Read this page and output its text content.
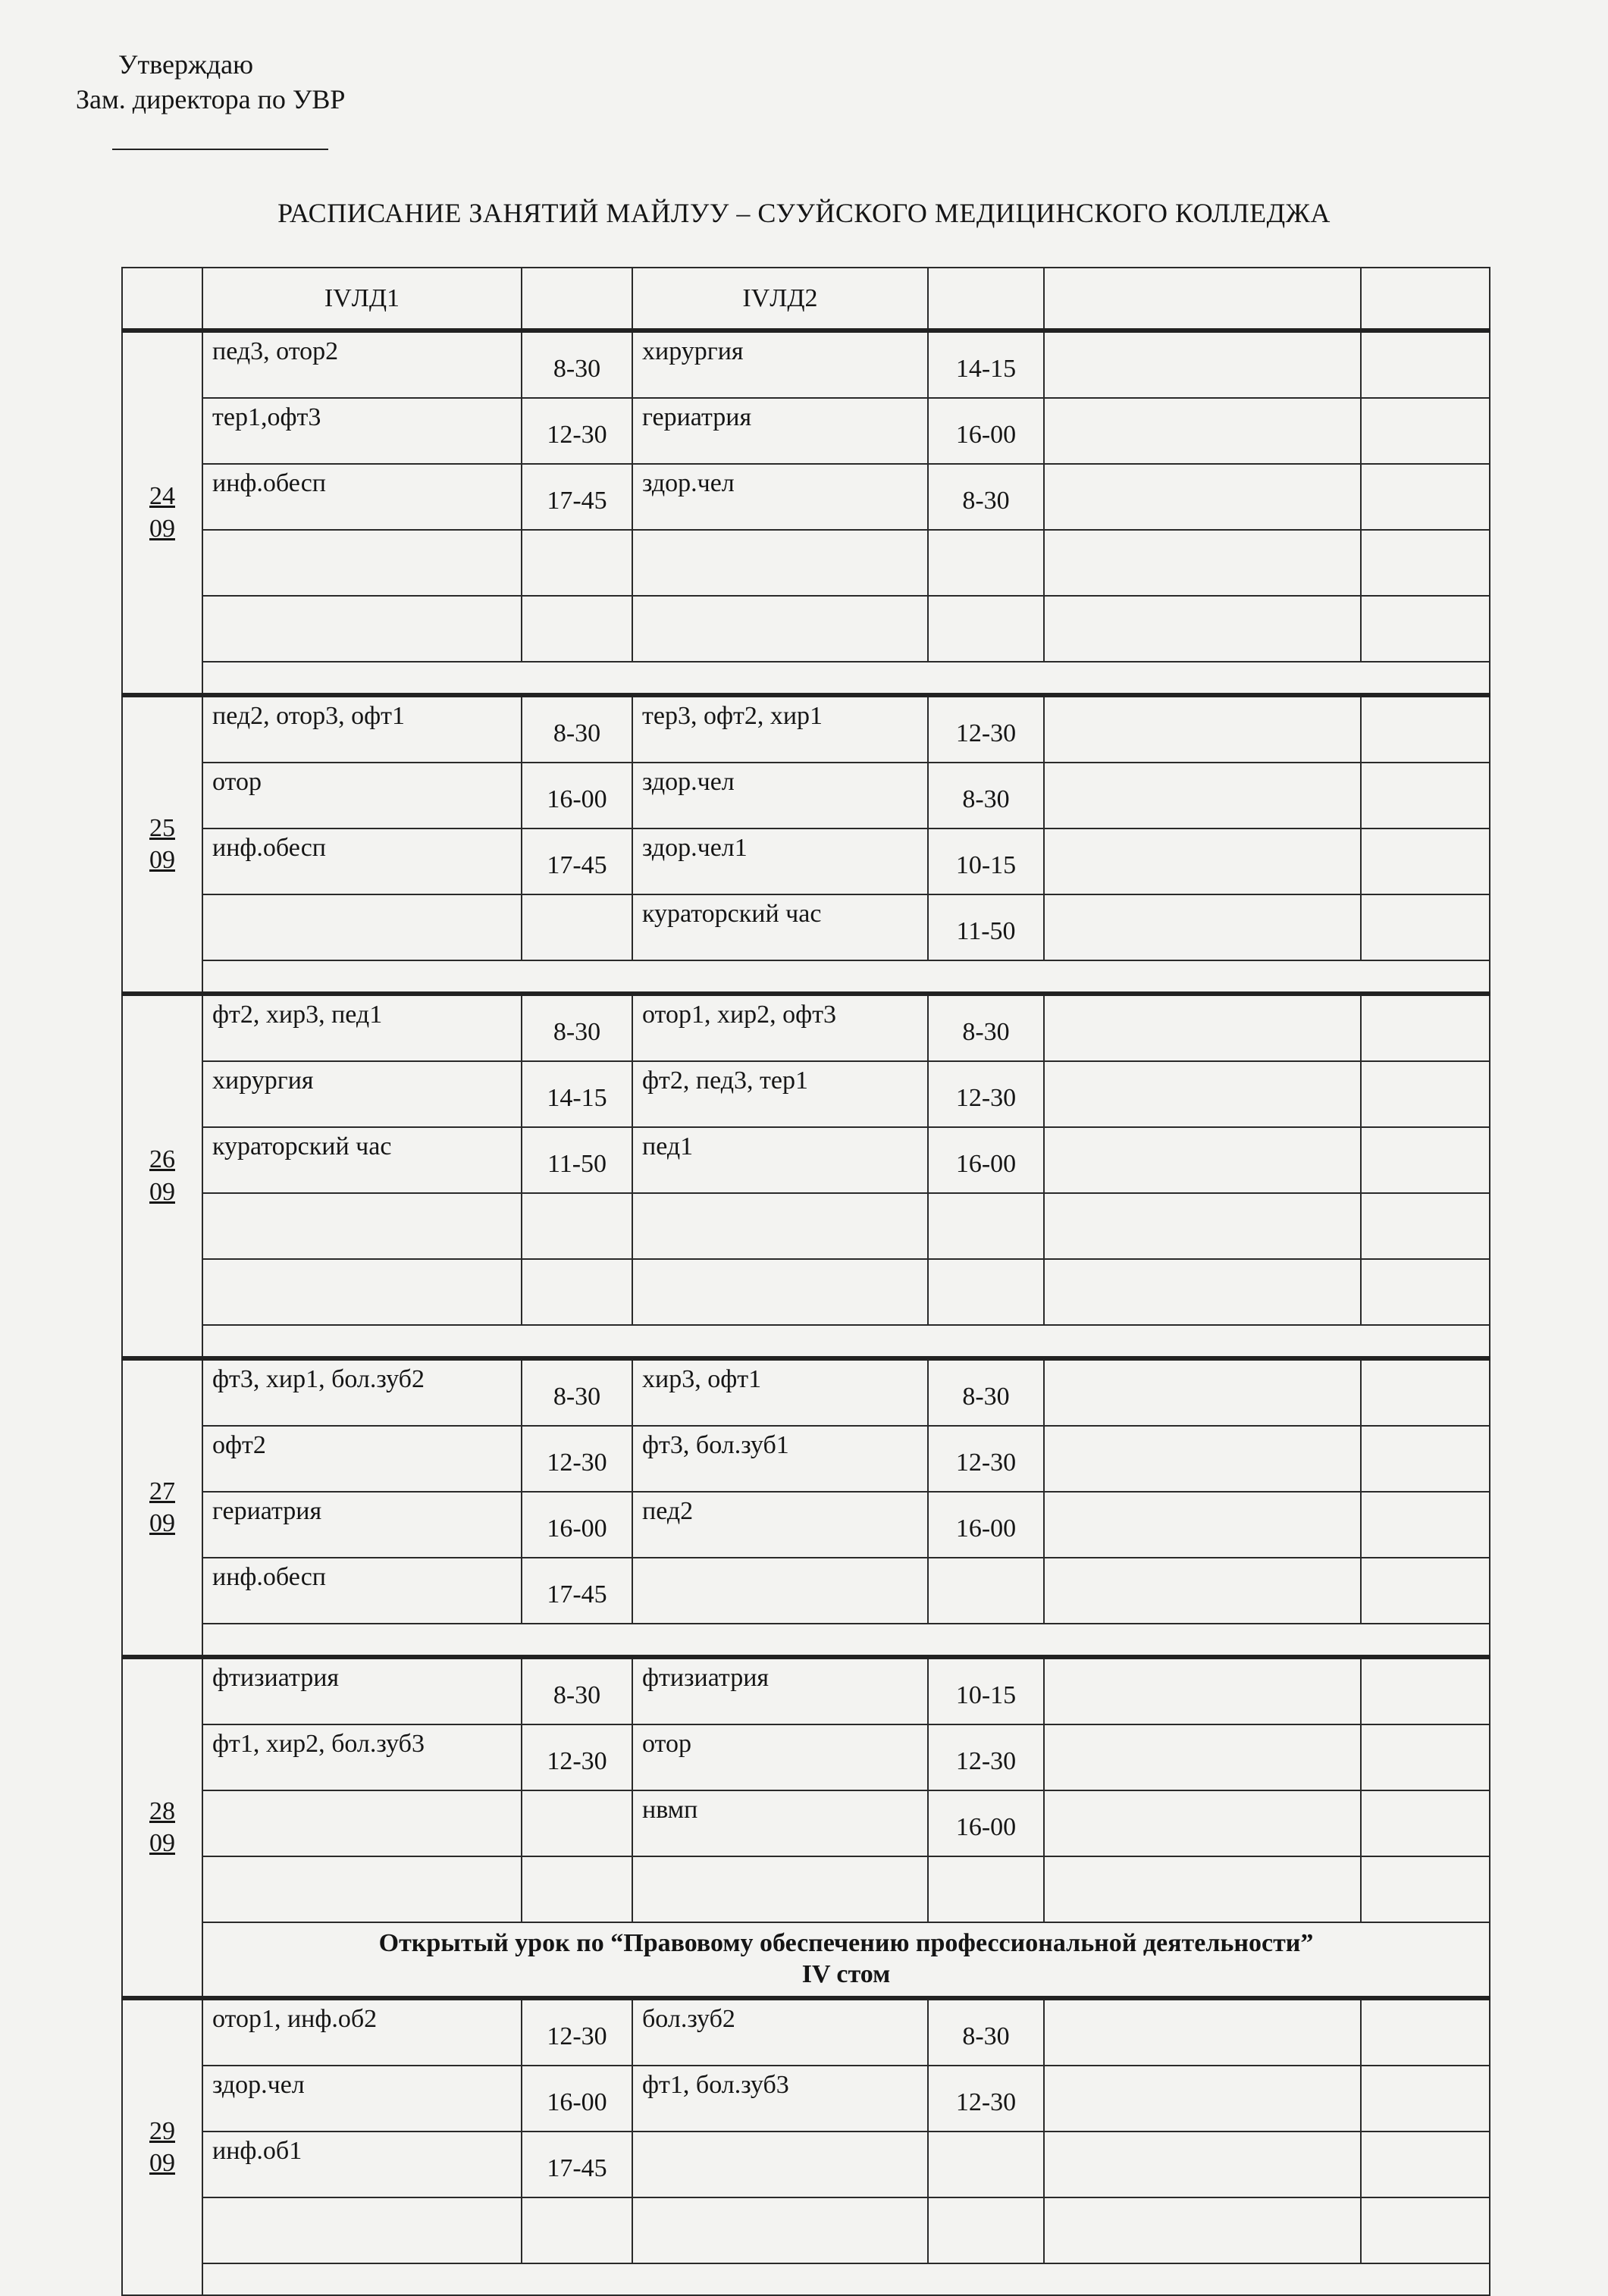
Утверждаю
Зам. директора по УВР
РАСПИСАНИЕ ЗАНЯТИЙ МАЙЛУУ – СУУЙСКОГО МЕДИЦИНСКОГО КОЛЛЕДЖА
	IVЛД1		IVЛД2			

24
09	пед3, отор2	8-30	хирургия	14-15		
	тер1,офт3	12-30	гериатрия	16-00		
	инф.обесп	17-45	здор.чел	8-30		

25
09	пед2, отор3, офт1	8-30	тер3, офт2, хир1	12-30		
	отор	16-00	здор.чел	8-30		
	инф.обесп	17-45	здор.чел1	10-15		
			кураторский час	11-50		

26
09	фт2, хир3, пед1	8-30	отор1, хир2, офт3	8-30		
	хирургия	14-15	фт2, пед3, тер1	12-30		
	кураторский час	11-50	пед1	16-00		

27
09	фт3, хир1, бол.зуб2	8-30	хир3, офт1	8-30		
	офт2	12-30	фт3, бол.зуб1	12-30		
	гериатрия	16-00	пед2	16-00		
	инф.обесп	17-45				

28
09	фтизиатрия	8-30	фтизиатрия	10-15		
	фт1, хир2, бол.зуб3	12-30	отор	12-30		
			нвмп	16-00		

	Открытый урок по “Правовому обеспечению профессиональной деятельности”
IV стом					

29
09	отор1, инф.об2	12-30	бол.зуб2	8-30		
	здор.чел	16-00	фт1, бол.зуб3	12-30		
	инф.об1	17-45				
